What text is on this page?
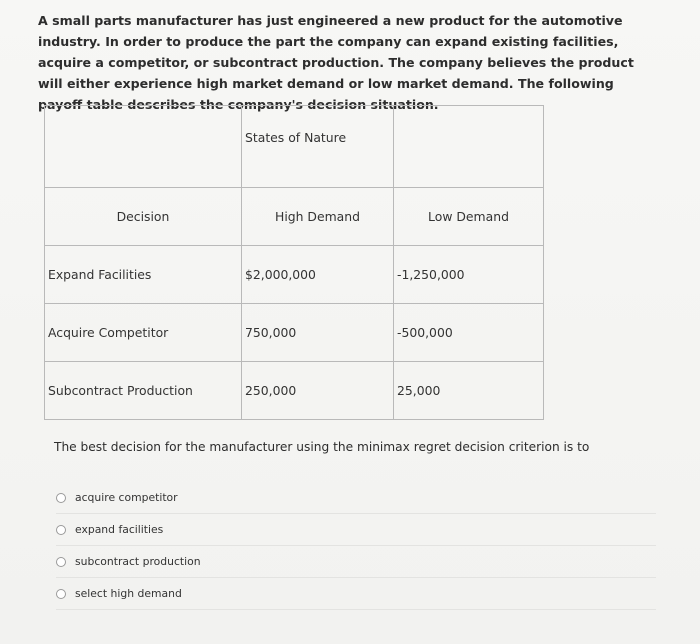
A small parts manufacturer has just engineered a new product for the automotive industry. In order to produce the part the company can expand existing facilities, acquire a competitor, or subcontract production. The company believes the product will either experience high market demand or low market demand. The following payoff table describes the company's decision situation.

	States of Nature	
Decision	High Demand	Low Demand
Expand Facilities	$2,000,000	-1,250,000
Acquire Competitor	750,000	-500,000
Subcontract Production	250,000	25,000

The best decision for the manufacturer using the minimax regret decision criterion is to

acquire competitor
expand facilities
subcontract production
select high demand
